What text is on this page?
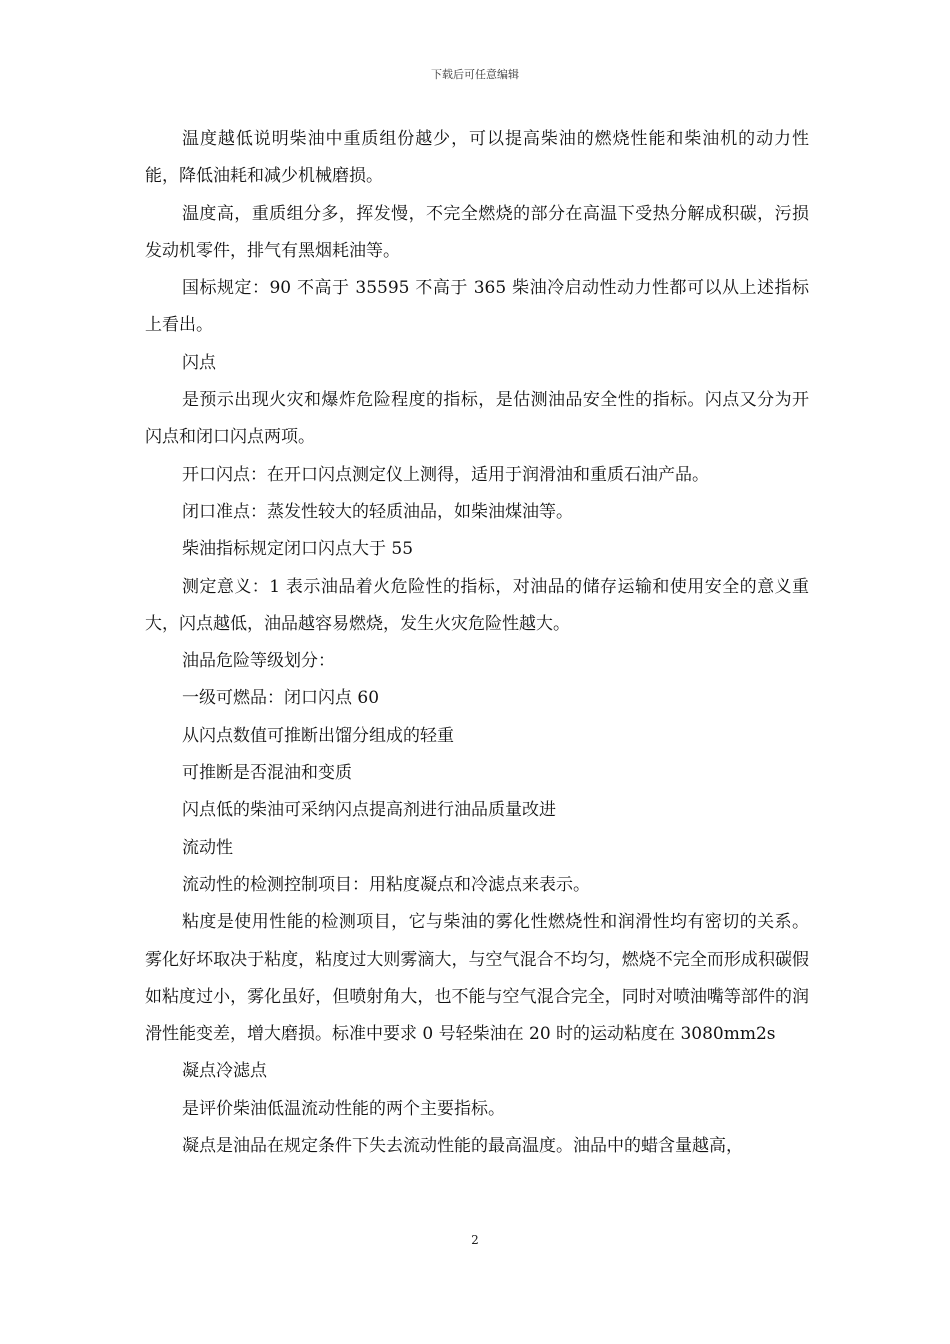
下载后可任意编辑

温度越低说明柴油中重质组份越少，可以提高柴油的燃烧性能和柴油机的动力性能，降低油耗和减少机械磨损。

温度高，重质组分多，挥发慢，不完全燃烧的部分在高温下受热分解成积碳，污损发动机零件，排气有黑烟耗油等。

国标规定：90 不高于 35595 不高于 365 柴油冷启动性动力性都可以从上述指标上看出。

闪点

是预示出现火灾和爆炸危险程度的指标，是估测油品安全性的指标。闪点又分为开闪点和闭口闪点两项。

开口闪点：在开口闪点测定仪上测得，适用于润滑油和重质石油产品。

闭口准点：蒸发性较大的轻质油品，如柴油煤油等。

柴油指标规定闭口闪点大于 55

测定意义：1 表示油品着火危险性的指标，对油品的储存运输和使用安全的意义重大，闪点越低，油品越容易燃烧，发生火灾危险性越大。

油品危险等级划分：

一级可燃品：闭口闪点 60

从闪点数值可推断出馏分组成的轻重

可推断是否混油和变质

闪点低的柴油可采纳闪点提高剂进行油品质量改进

流动性

流动性的检测控制项目：用粘度凝点和冷滤点来表示。

粘度是使用性能的检测项目，它与柴油的雾化性燃烧性和润滑性均有密切的关系。雾化好坏取决于粘度，粘度过大则雾滴大，与空气混合不均匀，燃烧不完全而形成积碳假如粘度过小，雾化虽好，但喷射角大，也不能与空气混合完全，同时对喷油嘴等部件的润滑性能变差，增大磨损。标准中要求 0 号轻柴油在 20 时的运动粘度在 3080mm2s

凝点冷滤点

是评价柴油低温流动性能的两个主要指标。

凝点是油品在规定条件下失去流动性能的最高温度。油品中的蜡含量越高，

2
